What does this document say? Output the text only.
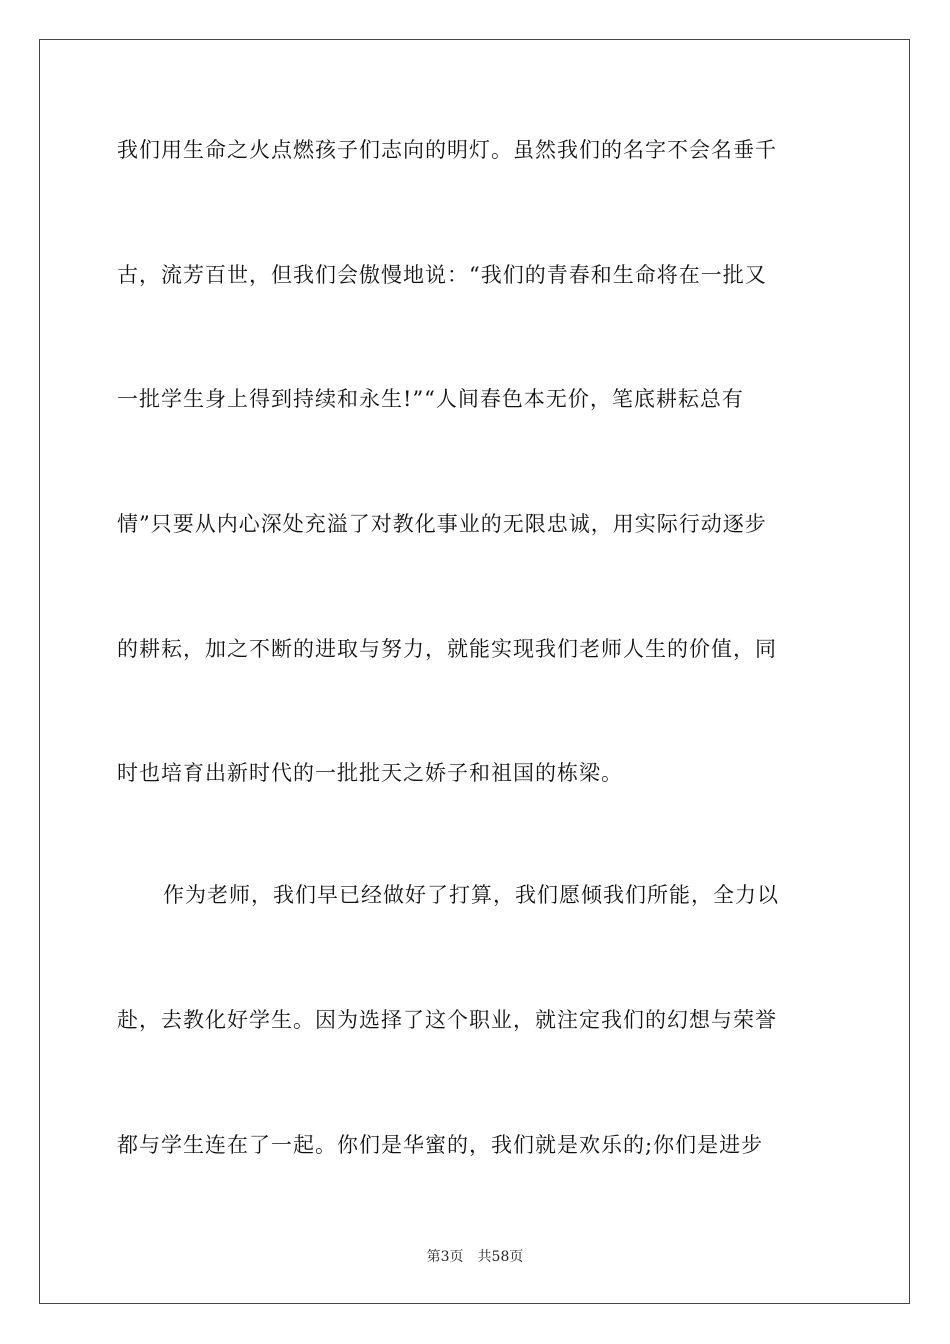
我们用生命之火点燃孩子们志向的明灯。虽然我们的名字不会名垂千
古，流芳百世，但我们会傲慢地说：“我们的青春和生命将在一批又
一批学生身上得到持续和永生!”“人间春色本无价，笔底耕耘总有
情”只要从内心深处充溢了对教化事业的无限忠诚，用实际行动逐步
的耕耘，加之不断的进取与努力，就能实现我们老师人生的价值，同
时也培育出新时代的一批批天之娇子和祖国的栋梁。
作为老师，我们早已经做好了打算，我们愿倾我们所能，全力以
赴，去教化好学生。因为选择了这个职业，就注定我们的幻想与荣誉
都与学生连在了一起。你们是华蜜的，我们就是欢乐的;你们是进步
第3页 共58页
